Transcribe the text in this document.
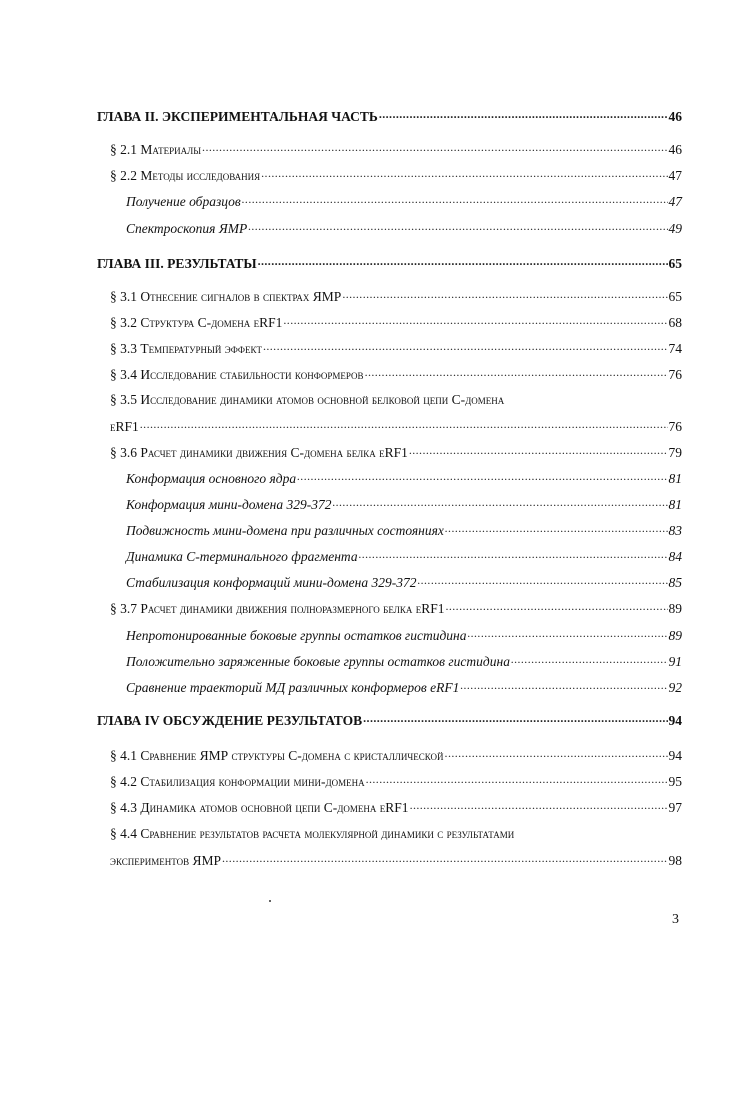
ГЛАВА II. ЭКСПЕРИМЕНТАЛЬНАЯ ЧАСТЬ .....	46
§ 2.1 Материалы .....	46
§ 2.2 Методы исследования .....	47
Получение образцов .....	47
Спектроскопия ЯМР .....	49
ГЛАВА III. РЕЗУЛЬТАТЫ .....	65
§ 3.1 Отнесение сигналов в спектрах ЯМР .....	65
§ 3.2 Структура С-домена eRF1 .....	68
§ 3.3 Температурный эффект .....	74
§ 3.4 Исследование стабильности конформеров .....	76
§ 3.5 Исследование динамики атомов основной белковой цепи С-домена
eRF1 .....	76
§ 3.6 Расчет динамики движения С-домена белка eRF1 .....	79
Конформация основного ядра .....	81
Конформация мини-домена 329-372 .....	81
Подвижность мини-домена при различных состояниях .....	83
Динамика С-терминального фрагмента .....	84
Стабилизация конформаций мини-домена 329-372 .....	85
§ 3.7 Расчет динамики движения полноразмерного белка eRF1 .....	89
Непротонированные боковые группы остатков гистидина .....	89
Положительно заряженные боковые группы остатков гистидина .....	91
Сравнение траекторий МД различных конформеров eRF1 .....	92
ГЛАВА IV ОБСУЖДЕНИЕ РЕЗУЛЬТАТОВ .....	94
§ 4.1 Сравнение ЯМР структуры С-домена с кристаллической .....	94
§ 4.2 Стабилизация конформации мини-домена .....	95
§ 4.3 Динамика атомов основной цепи С-домена eRF1 .....	97
§ 4.4 Сравнение результатов расчета молекулярной динамики с результатами
экспериментов ЯМР .....	98
3
